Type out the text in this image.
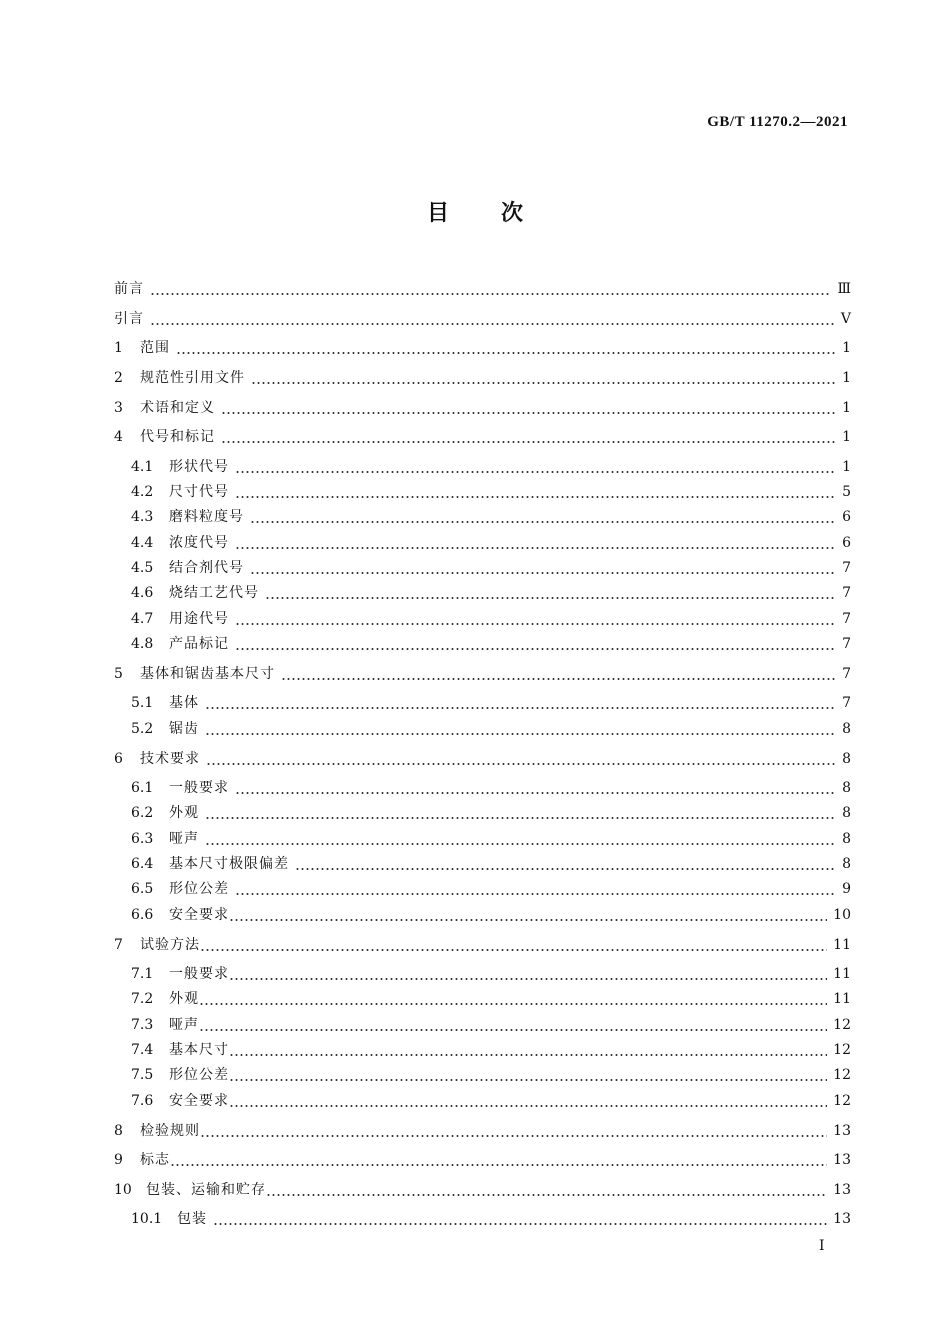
GB/T 11270.2—2021
目 次
前言	Ⅲ
引言	Ⅴ
1	范围	1
2	规范性引用文件	1
3	术语和定义	1
4	代号和标记	1
4.1	形状代号	1
4.2	尺寸代号	5
4.3	磨料粒度号	6
4.4	浓度代号	6
4.5	结合剂代号	7
4.6	烧结工艺代号	7
4.7	用途代号	7
4.8	产品标记	7
5	基体和锯齿基本尺寸	7
5.1	基体	7
5.2	锯齿	8
6	技术要求	8
6.1	一般要求	8
6.2	外观	8
6.3	哑声	8
6.4	基本尺寸极限偏差	8
6.5	形位公差	9
6.6	安全要求	10
7	试验方法	11
7.1	一般要求	11
7.2	外观	11
7.3	哑声	12
7.4	基本尺寸	12
7.5	形位公差	12
7.6	安全要求	12
8	检验规则	13
9	标志	13
10	包装、运输和贮存	13
10.1	包装	13
Ⅰ
